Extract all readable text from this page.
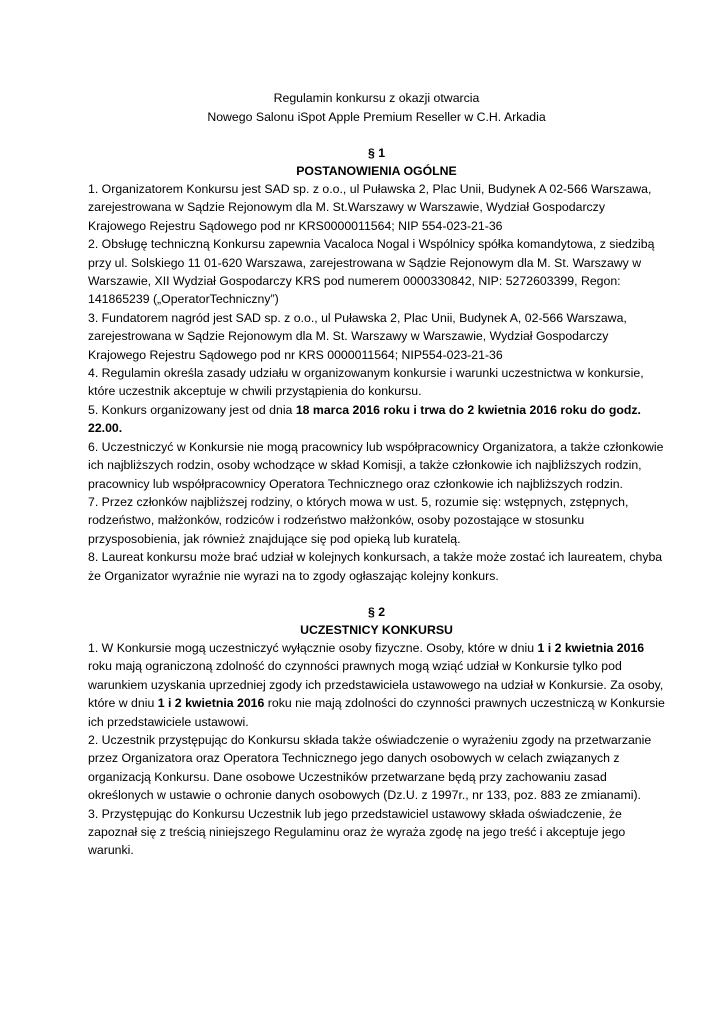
Regulamin konkursu z okazji otwarcia
Nowego Salonu iSpot Apple Premium Reseller w C.H. Arkadia
§ 1
POSTANOWIENIA OGÓLNE

1. Organizatorem Konkursu jest SAD sp. z o.o., ul Puławska 2, Plac Unii, Budynek A 02-566 Warszawa, zarejestrowana w Sądzie Rejonowym dla M. St.Warszawy w Warszawie, Wydział Gospodarczy Krajowego Rejestru Sądowego pod nr KRS0000011564; NIP 554-023-21-36

2. Obsługę techniczną Konkursu zapewnia Vacaloca Nogal i Wspólnicy spółka komandytowa, z siedzibą przy ul. Solskiego 11 01-620 Warszawa, zarejestrowana w Sądzie Rejonowym dla M. St. Warszawy w Warszawie, XII Wydział Gospodarczy KRS pod numerem 0000330842, NIP: 5272603399, Regon: 141865239 („OperatorTechniczny”)

3. Fundatorem nagród jest SAD sp. z o.o., ul Puławska 2, Plac Unii, Budynek A, 02-566 Warszawa, zarejestrowana w Sądzie Rejonowym dla M. St. Warszawy w Warszawie, Wydział Gospodarczy Krajowego Rejestru Sądowego pod nr KRS 0000011564; NIP554-023-21-36

4. Regulamin określa zasady udziału w organizowanym konkursie i warunki uczestnictwa w konkursie, które uczestnik akceptuje w chwili przystąpienia do konkursu.

5. Konkurs organizowany jest od dnia 18 marca 2016 roku i trwa do 2 kwietnia 2016 roku do godz. 22.00.

6. Uczestniczyć w Konkursie nie mogą pracownicy lub współpracownicy Organizatora, a także członkowie ich najbliższych rodzin, osoby wchodzące w skład Komisji, a także członkowie ich najbliższych rodzin, pracownicy lub współpracownicy Operatora Technicznego oraz członkowie ich najbliższych rodzin.

7. Przez członków najbliższej rodziny, o których mowa w ust. 5, rozumie się: wstępnych, zstępnych, rodzeństwo, małżonków, rodziców i rodzeństwo małżonków, osoby pozostające w stosunku przysposobienia, jak również znajdujące się pod opieką lub kuratelą.

8. Laureat konkursu może brać udział w kolejnych konkursach, a także może zostać ich laureatem, chyba że Organizator wyraźnie nie wyrazi na to zgody ogłaszając kolejny konkurs.

§ 2
UCZESTNICY KONKURSU

1. W Konkursie mogą uczestniczyć wyłącznie osoby fizyczne. Osoby, które w dniu 1 i 2 kwietnia 2016 roku mają ograniczoną zdolność do czynności prawnych mogą wziąć udział w Konkursie tylko pod warunkiem uzyskania uprzedniej zgody ich przedstawiciela ustawowego na udział w Konkursie. Za osoby, które w dniu 1 i 2 kwietnia 2016 roku nie mają zdolności do czynności prawnych uczestniczą w Konkursie ich przedstawiciele ustawowi.

2. Uczestnik przystępując do Konkursu składa także oświadczenie o wyrażeniu zgody na przetwarzanie przez Organizatora oraz Operatora Technicznego jego danych osobowych w celach związanych z organizacją Konkursu. Dane osobowe Uczestników przetwarzane będą przy zachowaniu zasad określonych w ustawie o ochronie danych osobowych (Dz.U. z 1997r., nr 133, poz. 883 ze zmianami).

3. Przystępując do Konkursu Uczestnik lub jego przedstawiciel ustawowy składa oświadczenie, że zapoznał się z treścią niniejszego Regulaminu oraz że wyraża zgodę na jego treść i akceptuje jego warunki.
